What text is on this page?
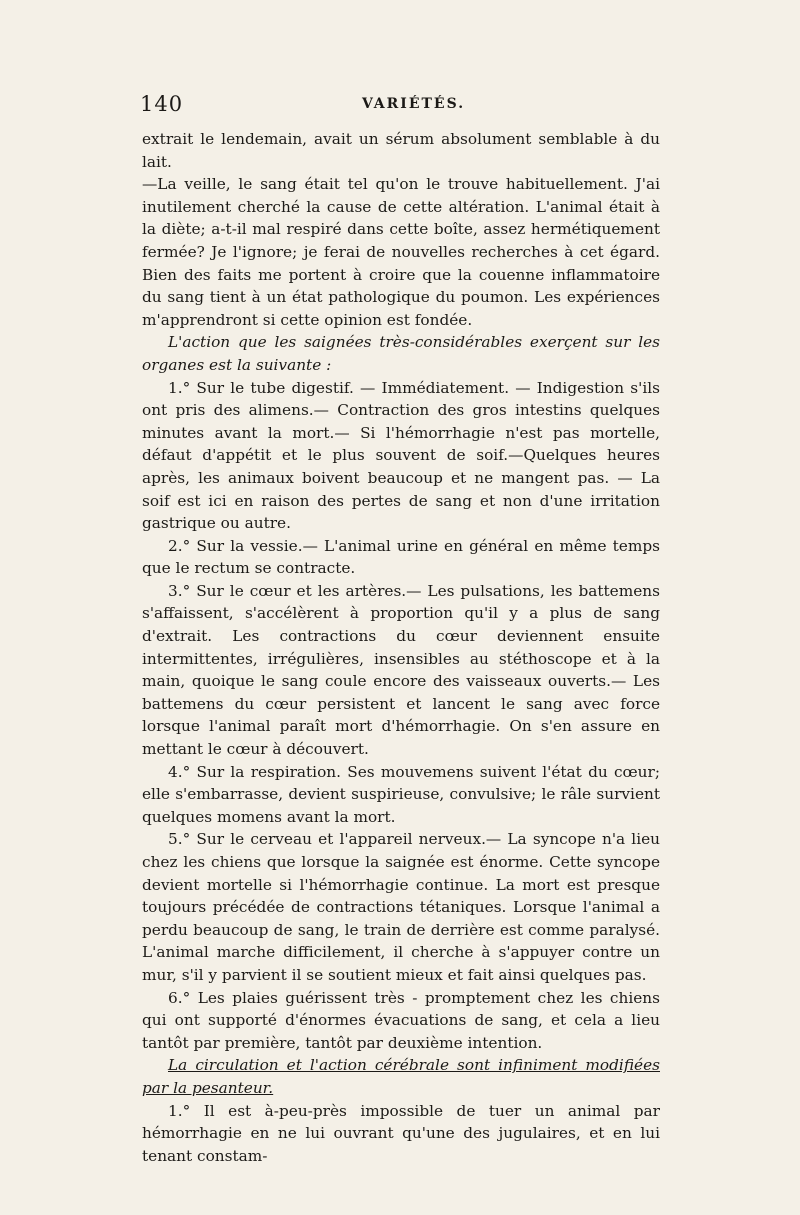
140	VARIÉTÉS.

extrait le lendemain, avait un sérum absolument semblable à du lait.

—La veille, le sang était tel qu'on le trouve habituellement. J'ai inutilement cherché la cause de cette altération. L'animal était à la diète; a-t-il mal respiré dans cette boîte, assez hermétiquement fermée? Je l'ignore; je ferai de nouvelles recherches à cet égard. Bien des faits me portent à croire que la couenne inflammatoire du sang tient à un état pathologique du poumon. Les expériences m'apprendront si cette opinion est fondée.

L'action que les saignées très-considérables exerçent sur les organes est la suivante :

1.° Sur le tube digestif. — Immédiatement. — Indigestion s'ils ont pris des alimens.— Contraction des gros intestins quelques minutes avant la mort.— Si l'hémorrhagie n'est pas mortelle, défaut d'appétit et le plus souvent de soif.—Quelques heures après, les animaux boivent beaucoup et ne mangent pas. — La soif est ici en raison des pertes de sang et non d'une irritation gastrique ou autre.

2.° Sur la vessie.— L'animal urine en général en même temps que le rectum se contracte.

3.° Sur le cœur et les artères.— Les pulsations, les battemens s'affaissent, s'accélèrent à proportion qu'il y a plus de sang d'extrait. Les contractions du cœur deviennent ensuite intermittentes, irrégulières, insensibles au stéthoscope et à la main, quoique le sang coule encore des vaisseaux ouverts.— Les battemens du cœur persistent et lancent le sang avec force lorsque l'animal paraît mort d'hémorrhagie. On s'en assure en mettant le cœur à découvert.

4.° Sur la respiration. Ses mouvemens suivent l'état du cœur; elle s'embarrasse, devient suspirieuse, convulsive; le râle survient quelques momens avant la mort.

5.° Sur le cerveau et l'appareil nerveux.— La syncope n'a lieu chez les chiens que lorsque la saignée est énorme. Cette syncope devient mortelle si l'hémorrhagie continue. La mort est presque toujours précédée de contractions tétaniques. Lorsque l'animal a perdu beaucoup de sang, le train de derrière est comme paralysé. L'animal marche difficilement, il cherche à s'appuyer contre un mur, s'il y parvient il se soutient mieux et fait ainsi quelques pas.

6.° Les plaies guérissent très - promptement chez les chiens qui ont supporté d'énormes évacuations de sang, et cela a lieu tantôt par première, tantôt par deuxième intention.

La circulation et l'action cérébrale sont infiniment modifiées par la pesanteur.

1.° Il est à-peu-près impossible de tuer un animal par hémorrhagie en ne lui ouvrant qu'une des jugulaires, et en lui tenant constam-
